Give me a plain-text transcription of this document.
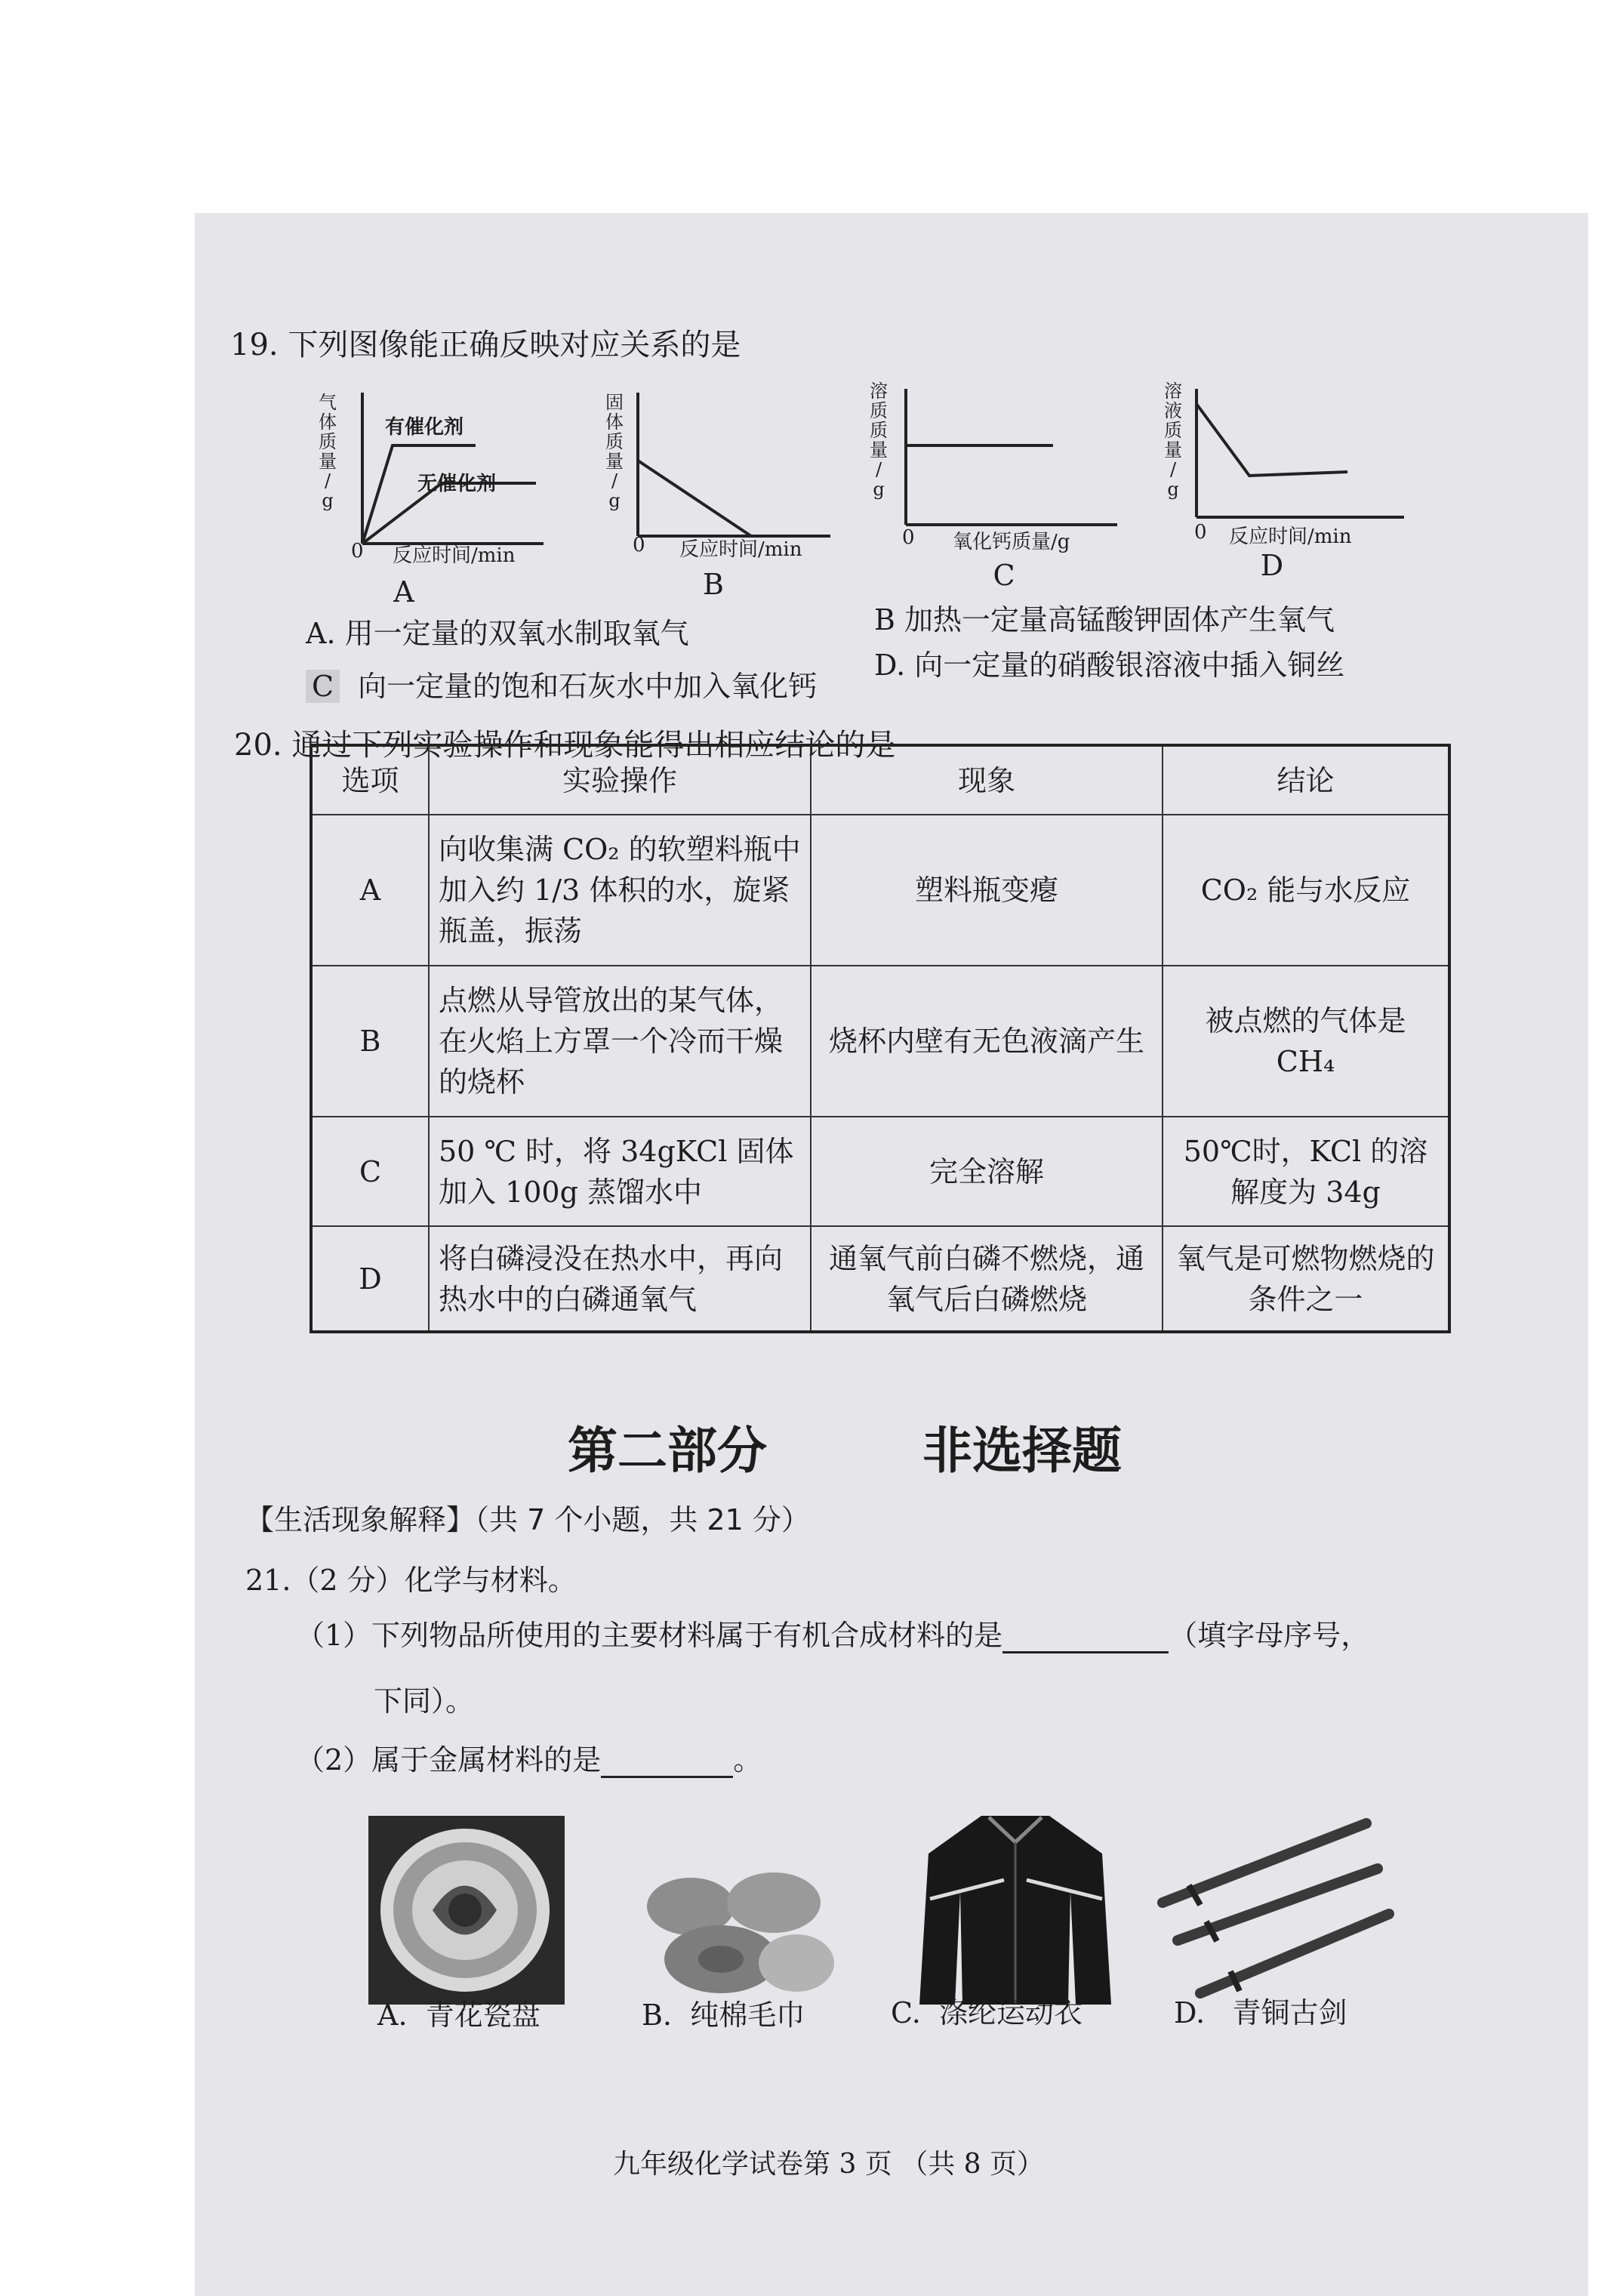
19. 下列图像能正确反映对应关系的是
气
体
质
量
/
g
有催化剂
无催化剂
0 反应时间/min
A
固
体
质
量
/
g
0 反应时间/min
B
溶
质
质
量
/
g
0 氧化钙质量/g
C
溶
液
质
量
/
g
0 反应时间/min
D
A. 用一定量的双氧水制取氧气	B 加热一定量高锰酸钾固体产生氧气
C 向一定量的饱和石灰水中加入氧化钙
D. 向一定量的硝酸银溶液中插入铜丝
20. 通过下列实验操作和现象能得出相应结论的是
选项	实验操作	现象	结论
A	向收集满 CO₂ 的软塑料瓶中加入约 1/3 体积的水，旋紧瓶盖，振荡	塑料瓶变瘪	CO₂ 能与水反应
B	点燃从导管放出的某气体，在火焰上方罩一个冷而干燥的烧杯	烧杯内壁有无色液滴产生	被点燃的气体是 CH₄
C	50 ℃ 时，将 34gKCl 固体加入 100g 蒸馏水中	完全溶解	50℃时，KCl 的溶解度为 34g
D	将白磷浸没在热水中，再向热水中的白磷通氧气	通氧气前白磷不燃烧，通氧气后白磷燃烧	氧气是可燃物燃烧的条件之一
第二部分	非选择题
【生活现象解释】（共 7 个小题，共 21 分）
21.（2 分）化学与材料。
（1）下列物品所使用的主要材料属于有机合成材料的是	（填字母序号，
下同）。
（2）属于金属材料的是	。
A. 青花瓷盘	B. 纯棉毛巾	C. 涤纶运动衣	D. 青铜古剑
九年级化学试卷第 3 页 （共 8 页）
